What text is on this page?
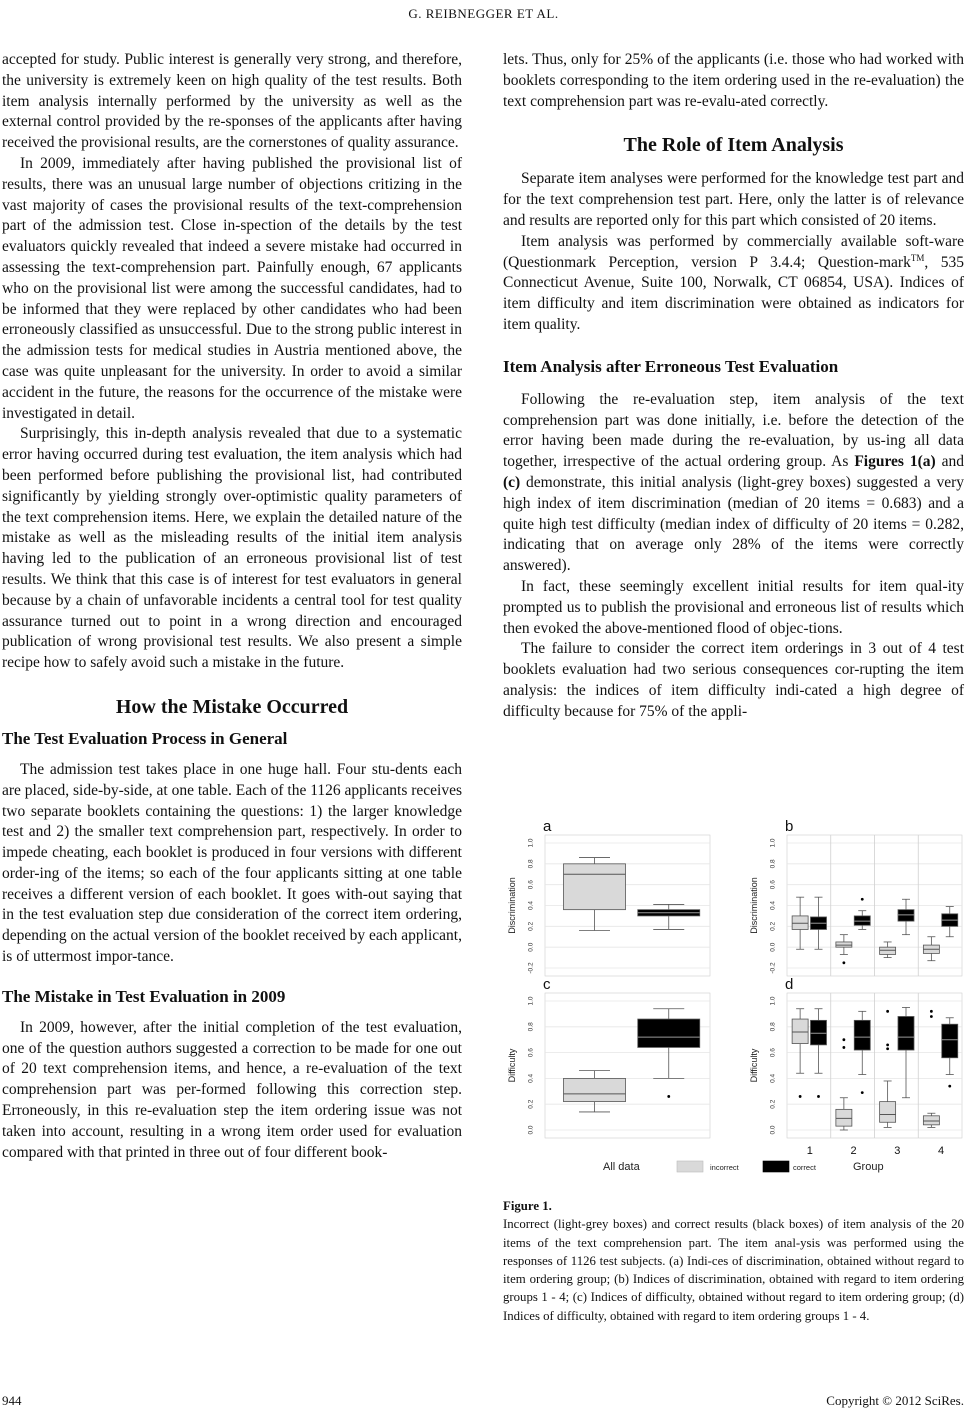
G. REIBNEGGER ET AL.

accepted for study. Public interest is generally very strong, and therefore, the university is extremely keen on high quality of the test results. Both item analysis internally performed by the university as well as the external control provided by the re-sponses of the applicants after having received the provisional results, are the cornerstones of quality assurance.

In 2009, immediately after having published the provisional list of results, there was an unusual large number of objections critizing in the vast majority of cases the provisional results of the text-comprehension part of the admission test. Close in-spection of the details by the test evaluators quickly revealed that indeed a severe mistake had occurred in assessing the text-comprehension part. Painfully enough, 67 applicants who on the provisional list were among the successful candidates, had to be informed that they were replaced by other candidates who had been erroneously classified as unsuccessful. Due to the strong public interest in the admission tests for medical studies in Austria mentioned above, the case was quite unpleasant for the university. In order to avoid a similar accident in the future, the reasons for the occurrence of the mistake were investigated in detail.

Surprisingly, this in-depth analysis revealed that due to a systematic error having occurred during test evaluation, the item analysis which had been performed before publishing the provisional list, had contributed significantly by yielding strongly over-optimistic quality parameters of the text comprehension items. Here, we explain the detailed nature of the mistake as well as the misleading results of the initial item analysis having led to the publication of an erroneous provisional list of test results. We think that this case is of interest for test evaluators in general because by a chain of unfavorable incidents a central tool for test quality assurance turned out to point in a wrong direction and encouraged publication of wrong provisional test results. We also present a simple recipe how to safely avoid such a mistake in the future.

How the Mistake Occurred
The Test Evaluation Process in General

The admission test takes place in one huge hall. Four stu-dents each are placed, side-by-side, at one table. Each of the 1126 applicants receives two separate booklets containing the questions: 1) the larger knowledge test and 2) the smaller text comprehension part, respectively. In order to impede cheating, each booklet is produced in four versions with different order-ing of the items; so each of the four applicants sitting at one table receives a different version of each booklet. It goes with-out saying that in the test evaluation step due consideration of the correct item ordering, depending on the actual version of the booklet received by each applicant, is of uttermost impor-tance.

The Mistake in Test Evaluation in 2009

In 2009, however, after the initial completion of the test evaluation, one of the question authors suggested a correction to be made for one out of 20 text comprehension items, and hence, a re-evaluation of the text comprehension part was per-formed following this correction step. Erroneously, in this re-evaluation step the item ordering issue was not taken into account, resulting in a wrong item order used for evaluation compared with that printed in three out of four different book-

lets. Thus, only for 25% of the applicants (i.e. those who had worked with booklets corresponding to the item ordering used in the re-evaluation) the text comprehension part was re-evalu-ated correctly.

The Role of Item Analysis

Separate item analyses were performed for the knowledge test part and for the text comprehension test part. Here, only the latter is of relevance and results are reported only for this part which consisted of 20 items.

Item analysis was performed by commercially available soft-ware (Questionmark Perception, version P 3.4.4; Question-mark™, 535 Connecticut Avenue, Suite 100, Norwalk, CT 06854, USA). Indices of item difficulty and item discrimination were obtained as indicators for item quality.

Item Analysis after Erroneous Test Evaluation

Following the re-evaluation step, item analysis of the text comprehension part was done initially, i.e. before the detection of the error having been made during the re-evaluation, by us-ing all data together, irrespective of the actual ordering group. As Figures 1(a) and (c) demonstrate, this initial analysis (light-grey boxes) suggested a very high index of item discrimination (median of 20 items = 0.683) and a quite high test difficulty (median index of difficulty of 20 items = 0.282, indicating that on average only 28% of the items were correctly answered).

In fact, these seemingly excellent initial results for item qual-ity prompted us to publish the provisional and erroneous list of results which then evoked the above-mentioned flood of objec-tions.

The failure to consider the correct item orderings in 3 out of 4 test booklets evaluation had two serious consequences cor-rupting the item analysis: the indices of item difficulty indi-cated a high degree of difficulty because for 75% of the appli-

-0.2
0.0
0.2
0.4
0.6
0.8
1.0
Discrimination
a
-0.2
0.0
0.2
0.4
0.6
0.8
1.0
Discrimination
b
0.0
0.2
0.4
0.6
0.8
1.0
Difficulty
c
0.0
0.2
0.4
0.6
0.8
1.0
Difficulty
d
1	2	3	4
All data	incorrect	correct	Group
Figure 1.
Incorrect (light-grey boxes) and correct results (black boxes) of item analysis of the 20 items of the text comprehension part. The item anal-ysis was performed using the responses of 1126 test subjects. (a) Indi-ces of discrimination, obtained without regard to item ordering group; (b) Indices of discrimination, obtained with regard to item ordering groups 1 - 4; (c) Indices of difficulty, obtained without regard to item ordering group; (d) Indices of difficulty, obtained with regard to item ordering groups 1 - 4.
944	Copyright © 2012 SciRes.
